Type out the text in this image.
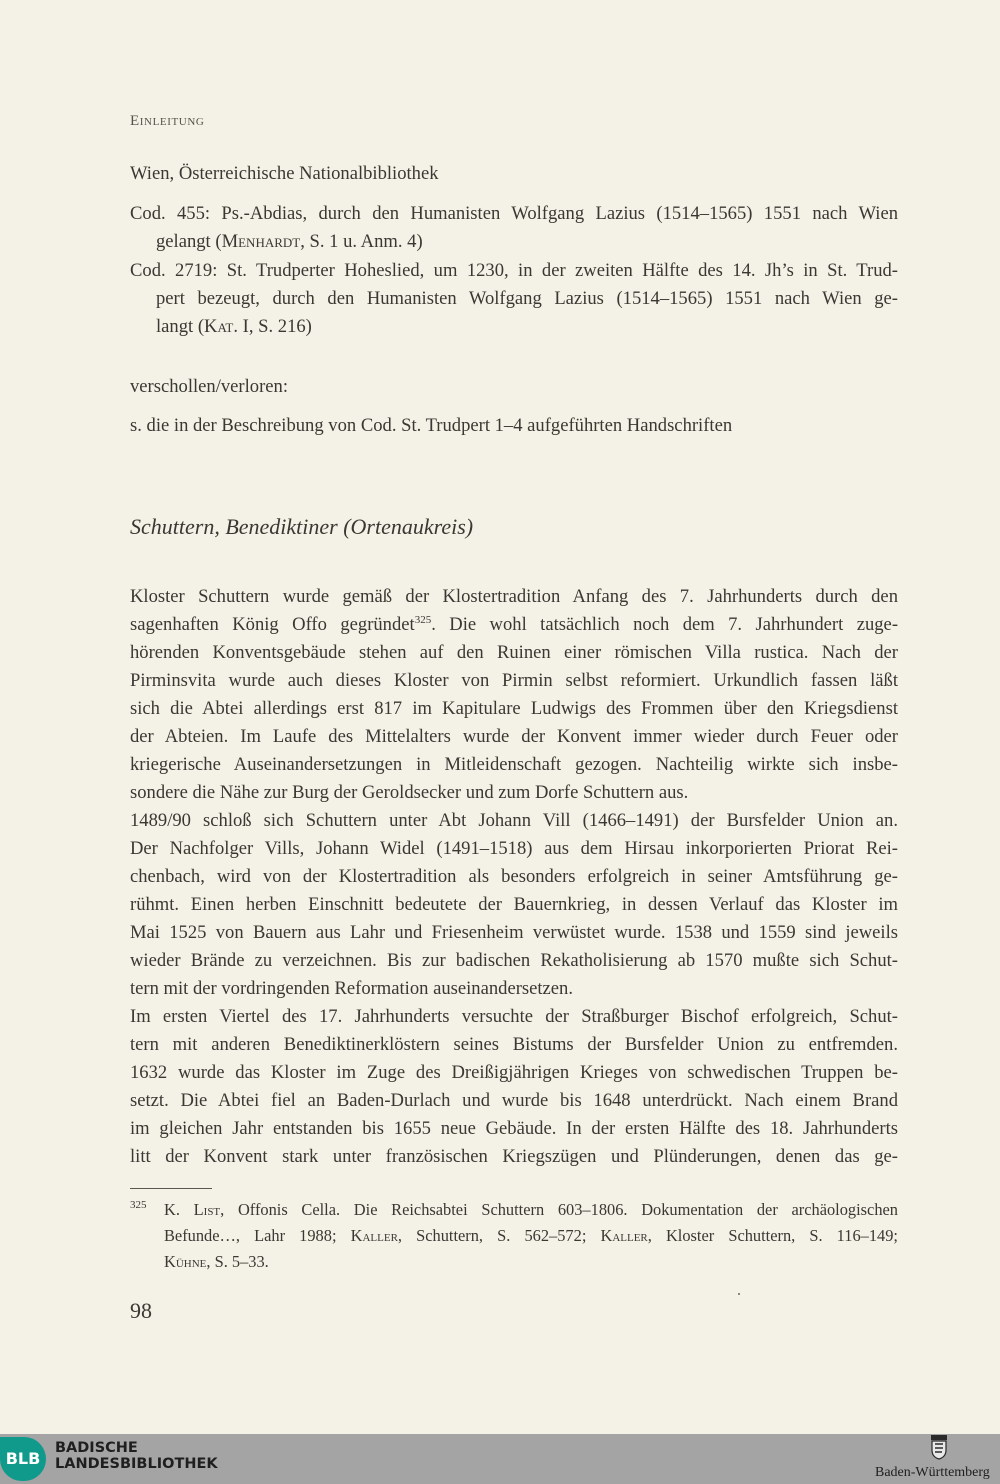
Einleitung
Wien, Österreichische Nationalbibliothek
Cod. 455: Ps.-Abdias, durch den Humanisten Wolfgang Lazius (1514–1565) 1551 nach Wien
gelangt (Menhardt, S. 1 u. Anm. 4)
Cod. 2719: St. Trudperter Hoheslied, um 1230, in der zweiten Hälfte des 14. Jh’s in St. Trud-
pert bezeugt, durch den Humanisten Wolfgang Lazius (1514–1565) 1551 nach Wien ge-
langt (Kat. I, S. 216)
verschollen/verloren:
s. die in der Beschreibung von Cod. St. Trudpert 1–4 aufgeführten Handschriften
Schuttern, Benediktiner (Ortenaukreis)
Kloster Schuttern wurde gemäß der Klostertradition Anfang des 7. Jahrhunderts durch den
sagenhaften König Offo gegründet$^{325}$. Die wohl tatsächlich noch dem 7. Jahrhundert zuge-
hörenden Konventsgebäude stehen auf den Ruinen einer römischen Villa rustica. Nach der
Pirminsvita wurde auch dieses Kloster von Pirmin selbst reformiert. Urkundlich fassen läßt
sich die Abtei allerdings erst 817 im Kapitulare Ludwigs des Frommen über den Kriegsdienst
der Abteien. Im Laufe des Mittelalters wurde der Konvent immer wieder durch Feuer oder
kriegerische Auseinandersetzungen in Mitleidenschaft gezogen. Nachteilig wirkte sich insbe-
sondere die Nähe zur Burg der Geroldsecker und zum Dorfe Schuttern aus.
1489/90 schloß sich Schuttern unter Abt Johann Vill (1466–1491) der Bursfelder Union an.
Der Nachfolger Vills, Johann Widel (1491–1518) aus dem Hirsau inkorporierten Priorat Rei-
chenbach, wird von der Klostertradition als besonders erfolgreich in seiner Amtsführung ge-
rühmt. Einen herben Einschnitt bedeutete der Bauernkrieg, in dessen Verlauf das Kloster im
Mai 1525 von Bauern aus Lahr und Friesenheim verwüstet wurde. 1538 und 1559 sind jeweils
wieder Brände zu verzeichnen. Bis zur badischen Rekatholisierung ab 1570 mußte sich Schut-
tern mit der vordringenden Reformation auseinandersetzen.
Im ersten Viertel des 17. Jahrhunderts versuchte der Straßburger Bischof erfolgreich, Schut-
tern mit anderen Benediktinerklöstern seines Bistums der Bursfelder Union zu entfremden.
1632 wurde das Kloster im Zuge des Dreißigjährigen Krieges von schwedischen Truppen be-
setzt. Die Abtei fiel an Baden-Durlach und wurde bis 1648 unterdrückt. Nach einem Brand
im gleichen Jahr entstanden bis 1655 neue Gebäude. In der ersten Hälfte des 18. Jahrhunderts
litt der Konvent stark unter französischen Kriegszügen und Plünderungen, denen das ge-
325 K. List, Offonis Cella. Die Reichsabtei Schuttern 603–1806. Dokumentation der archäologischen
Befunde…, Lahr 1988; Kaller, Schuttern, S. 562–572; Kaller, Kloster Schuttern, S. 116–149;
Kühne, S. 5–33.
98
BLB
BADISCHE
LANDESBIBLIOTHEK
Baden-Württemberg
